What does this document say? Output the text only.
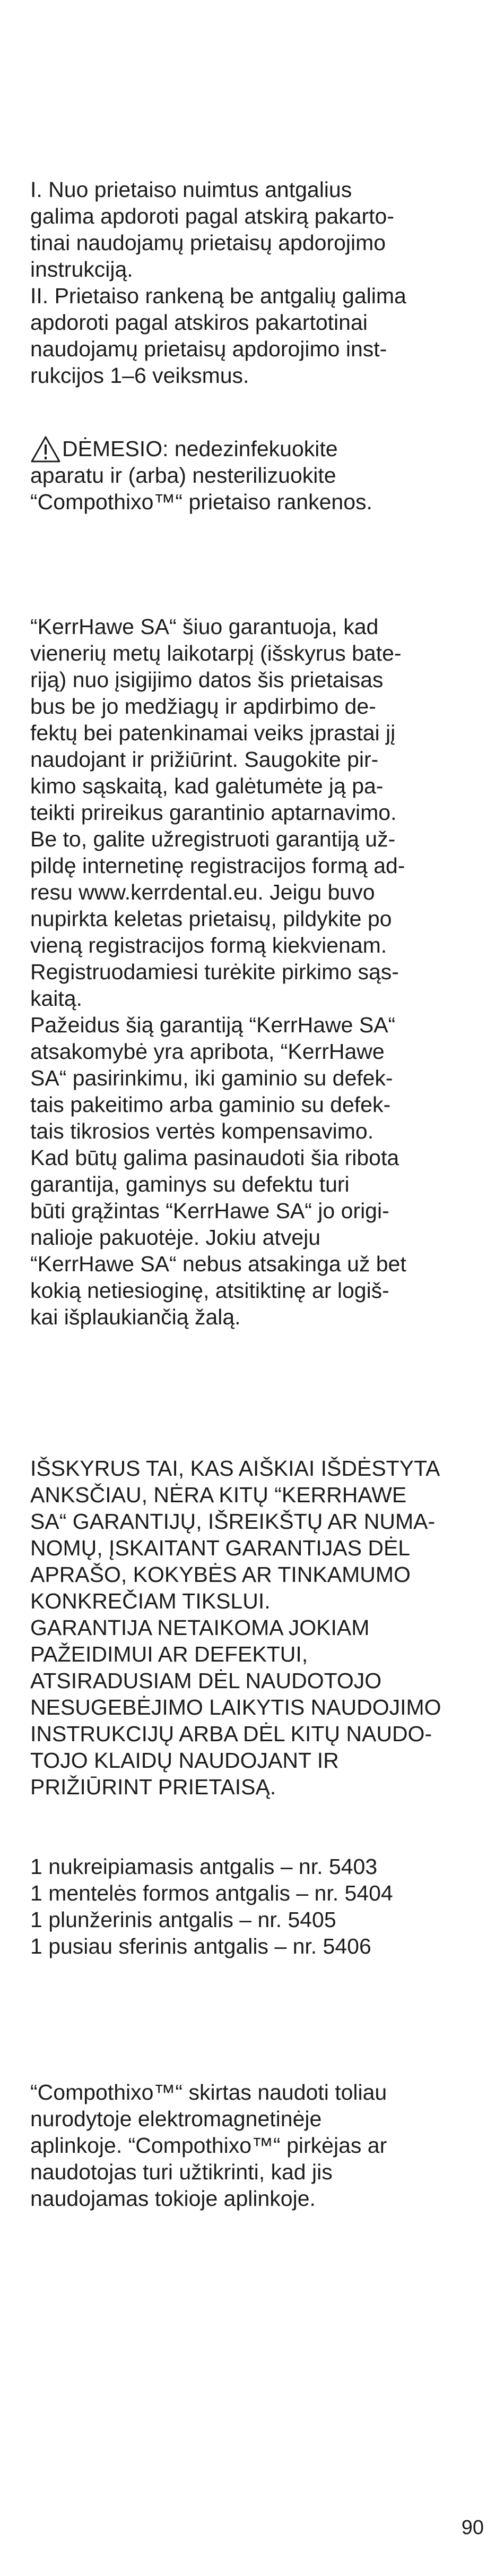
I. Nuo prietaiso nuimtus antgalius
galima apdoroti pagal atskirą pakarto-
tinai naudojamų prietaisų apdorojimo
instrukciją.
II. Prietaiso rankeną be antgalių galima
apdoroti pagal atskiros pakartotinai
naudojamų prietaisų apdorojimo inst-
rukcijos 1–6 veiksmus.
DĖMESIO: nedezinfekuokite
aparatu ir (arba) nesterilizuokite
“Compothixo™“ prietaiso rankenos.
“KerrHawe SA“ šiuo garantuoja, kad
vienerių metų laikotarpį (išskyrus bate-
riją) nuo įsigijimo datos šis prietaisas
bus be jo medžiagų ir apdirbimo de-
fektų bei patenkinamai veiks įprastai jį
naudojant ir prižiūrint. Saugokite pir-
kimo sąskaitą, kad galėtumėte ją pa-
teikti prireikus garantinio aptarnavimo.
Be to, galite užregistruoti garantiją už-
pildę internetinę registracijos formą ad-
resu www.kerrdental.eu. Jeigu buvo
nupirkta keletas prietaisų, pildykite po
vieną registracijos formą kiekvienam.
Registruodamiesi turėkite pirkimo sąs-
kaitą.
Pažeidus šią garantiją “KerrHawe SA“
atsakomybė yra apribota, “KerrHawe
SA“ pasirinkimu, iki gaminio su defek-
tais pakeitimo arba gaminio su defek-
tais tikrosios vertės kompensavimo.
Kad būtų galima pasinaudoti šia ribota
garantija, gaminys su defektu turi
būti grąžintas “KerrHawe SA“ jo origi-
nalioje pakuotėje. Jokiu atveju
“KerrHawe SA“ nebus atsakinga už bet
kokią netiesioginę, atsitiktinę ar logiš-
kai išplaukiančią žalą.
IŠSKYRUS TAI, KAS AIŠKIAI IŠDĖSTYTA
ANKSČIAU, NĖRA KITŲ “KERRHAWE
SA“ GARANTIJŲ, IŠREIKŠTŲ AR NUMA-
NOMŲ, ĮSKAITANT GARANTIJAS DĖL
APRAŠO, KOKYBĖS AR TINKAMUMO
KONKREČIAM TIKSLUI.
GARANTIJA NETAIKOMA JOKIAM
PAŽEIDIMUI AR DEFEKTUI,
ATSIRADUSIAM DĖL NAUDOTOJO
NESUGEBĖJIMO LAIKYTIS NAUDOJIMO
INSTRUKCIJŲ ARBA DĖL KITŲ NAUDO-
TOJO KLAIDŲ NAUDOJANT IR
PRIŽIŪRINT PRIETAISĄ.
1 nukreipiamasis antgalis – nr. 5403
1 mentelės formos antgalis – nr. 5404
1 plunžerinis antgalis – nr. 5405
1 pusiau sferinis antgalis – nr. 5406
“Compothixo™“ skirtas naudoti toliau
nurodytoje elektromagnetinėje
aplinkoje. “Compothixo™“ pirkėjas ar
naudotojas turi užtikrinti, kad jis
naudojamas tokioje aplinkoje.
90
